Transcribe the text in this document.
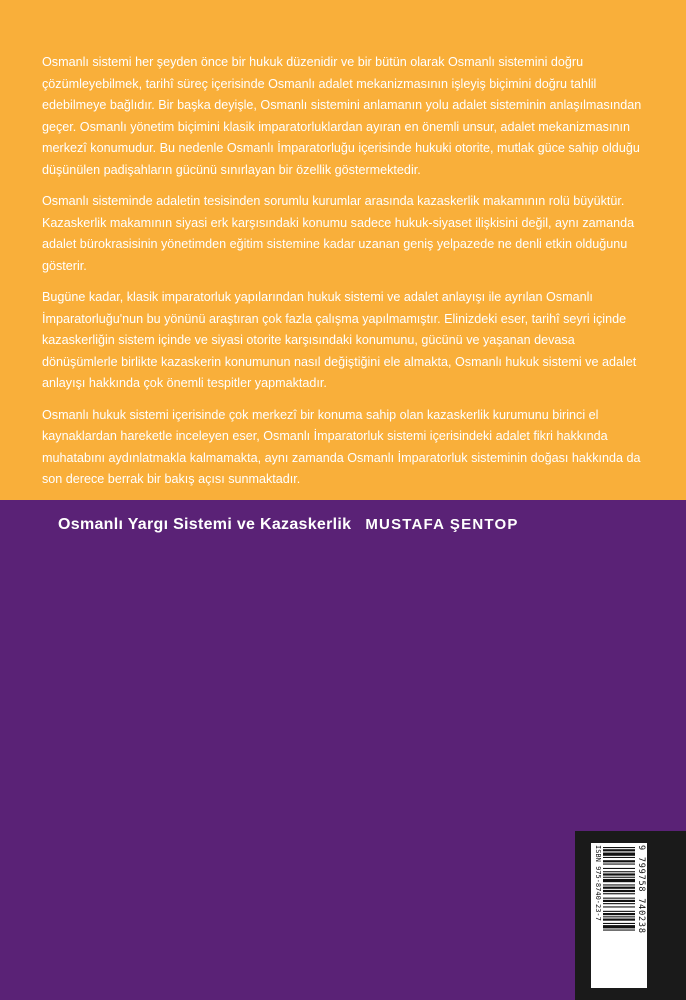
Osmanlı sistemi her şeyden önce bir hukuk düzenidir ve bir bütün olarak Osmanlı sistemini doğru çözümleyebilmek, tarihî süreç içerisinde Osmanlı adalet mekanizmasının işleyiş biçimini doğru tahlil edebilmeye bağlıdır. Bir başka deyişle, Osmanlı sistemini anlamanın yolu adalet sisteminin anlaşılmasından geçer. Osmanlı yönetim biçimini klasik imparatorluklardan ayıran en önemli unsur, adalet mekanizmasının merkezî konumudur. Bu nedenle Osmanlı İmparatorluğu içerisinde hukuki otorite, mutlak güce sahip olduğu düşünülen padişahların gücünü sınırlayan bir özellik göstermektedir.

Osmanlı sisteminde adaletin tesisinden sorumlu kurumlar arasında kazaskerlik makamının rolü büyüktür. Kazaskerlik makamının siyasi erk karşısındaki konumu sadece hukuk-siyaset ilişkisini değil, aynı zamanda adalet bürokrasisinin yönetimden eğitim sistemine kadar uzanan geniş yelpazede ne denli etkin olduğunu gösterir.

Bugüne kadar, klasik imparatorluk yapılarından hukuk sistemi ve adalet anlayışı ile ayrılan Osmanlı İmparatorluğu'nun bu yönünü araştıran çok fazla çalışma yapılmamıştır. Elinizdeki eser, tarihî seyri içinde kazaskerliğin sistem içinde ve siyasi otorite karşısındaki konumunu, gücünü ve yaşanan devasa dönüşümlerle birlikte kazaskerin konumunun nasıl değiştiğini ele almakta, Osmanlı hukuk sistemi ve adalet anlayışı hakkında çok önemli tespitler yapmaktadır.

Osmanlı hukuk sistemi içerisinde çok merkezî bir konuma sahip olan kazaskerlik kurumunu birinci el kaynaklardan hareketle inceleyen eser, Osmanlı İmparatorluk sistemi içerisindeki adalet fikri hakkında muhatabını aydınlatmakla kalmamakta, aynı zamanda Osmanlı İmparatorluk sisteminin doğası hakkında da son derece berrak bir bakış açısı sunmaktadır.

Osmanlı Yargı Sistemi ve Kazaskerlik MUSTAFA ŞENTOP
ISBN 975-8740-23-7	9 799758 740238
